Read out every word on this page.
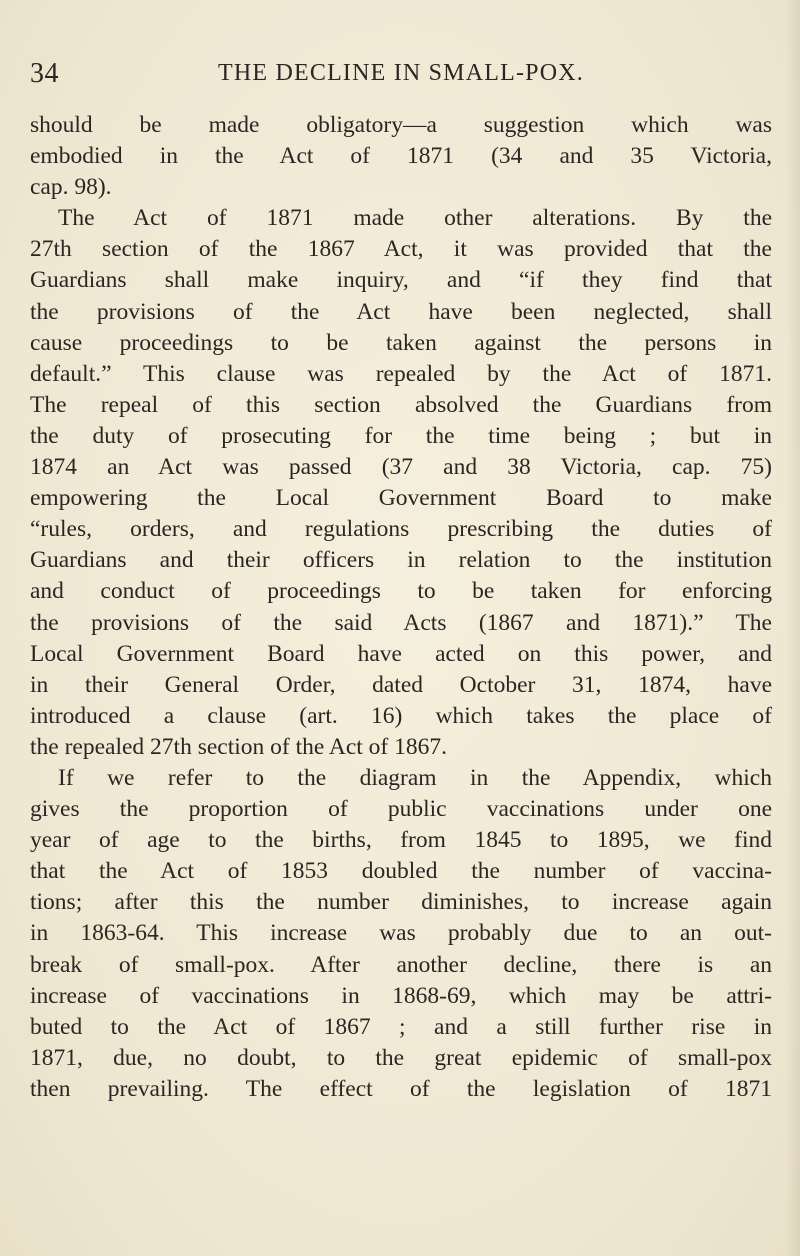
34	THE DECLINE IN SMALL-POX.
should be made obligatory—a suggestion which was
embodied in the Act of 1871 (34 and 35 Victoria,
cap. 98).
The Act of 1871 made other alterations. By the
27th section of the 1867 Act, it was provided that the
Guardians shall make inquiry, and “if they find that
the provisions of the Act have been neglected, shall
cause proceedings to be taken against the persons in
default.” This clause was repealed by the Act of 1871.
The repeal of this section absolved the Guardians from
the duty of prosecuting for the time being ; but in
1874 an Act was passed (37 and 38 Victoria, cap. 75)
empowering the Local Government Board to make
“rules, orders, and regulations prescribing the duties of
Guardians and their officers in relation to the institution
and conduct of proceedings to be taken for enforcing
the provisions of the said Acts (1867 and 1871).” The
Local Government Board have acted on this power, and
in their General Order, dated October 31, 1874, have
introduced a clause (art. 16) which takes the place of
the repealed 27th section of the Act of 1867.
If we refer to the diagram in the Appendix, which
gives the proportion of public vaccinations under one
year of age to the births, from 1845 to 1895, we find
that the Act of 1853 doubled the number of vaccina-
tions; after this the number diminishes, to increase again
in 1863-64. This increase was probably due to an out-
break of small-pox. After another decline, there is an
increase of vaccinations in 1868-69, which may be attri-
buted to the Act of 1867 ; and a still further rise in
1871, due, no doubt, to the great epidemic of small-pox
then prevailing. The effect of the legislation of 1871
